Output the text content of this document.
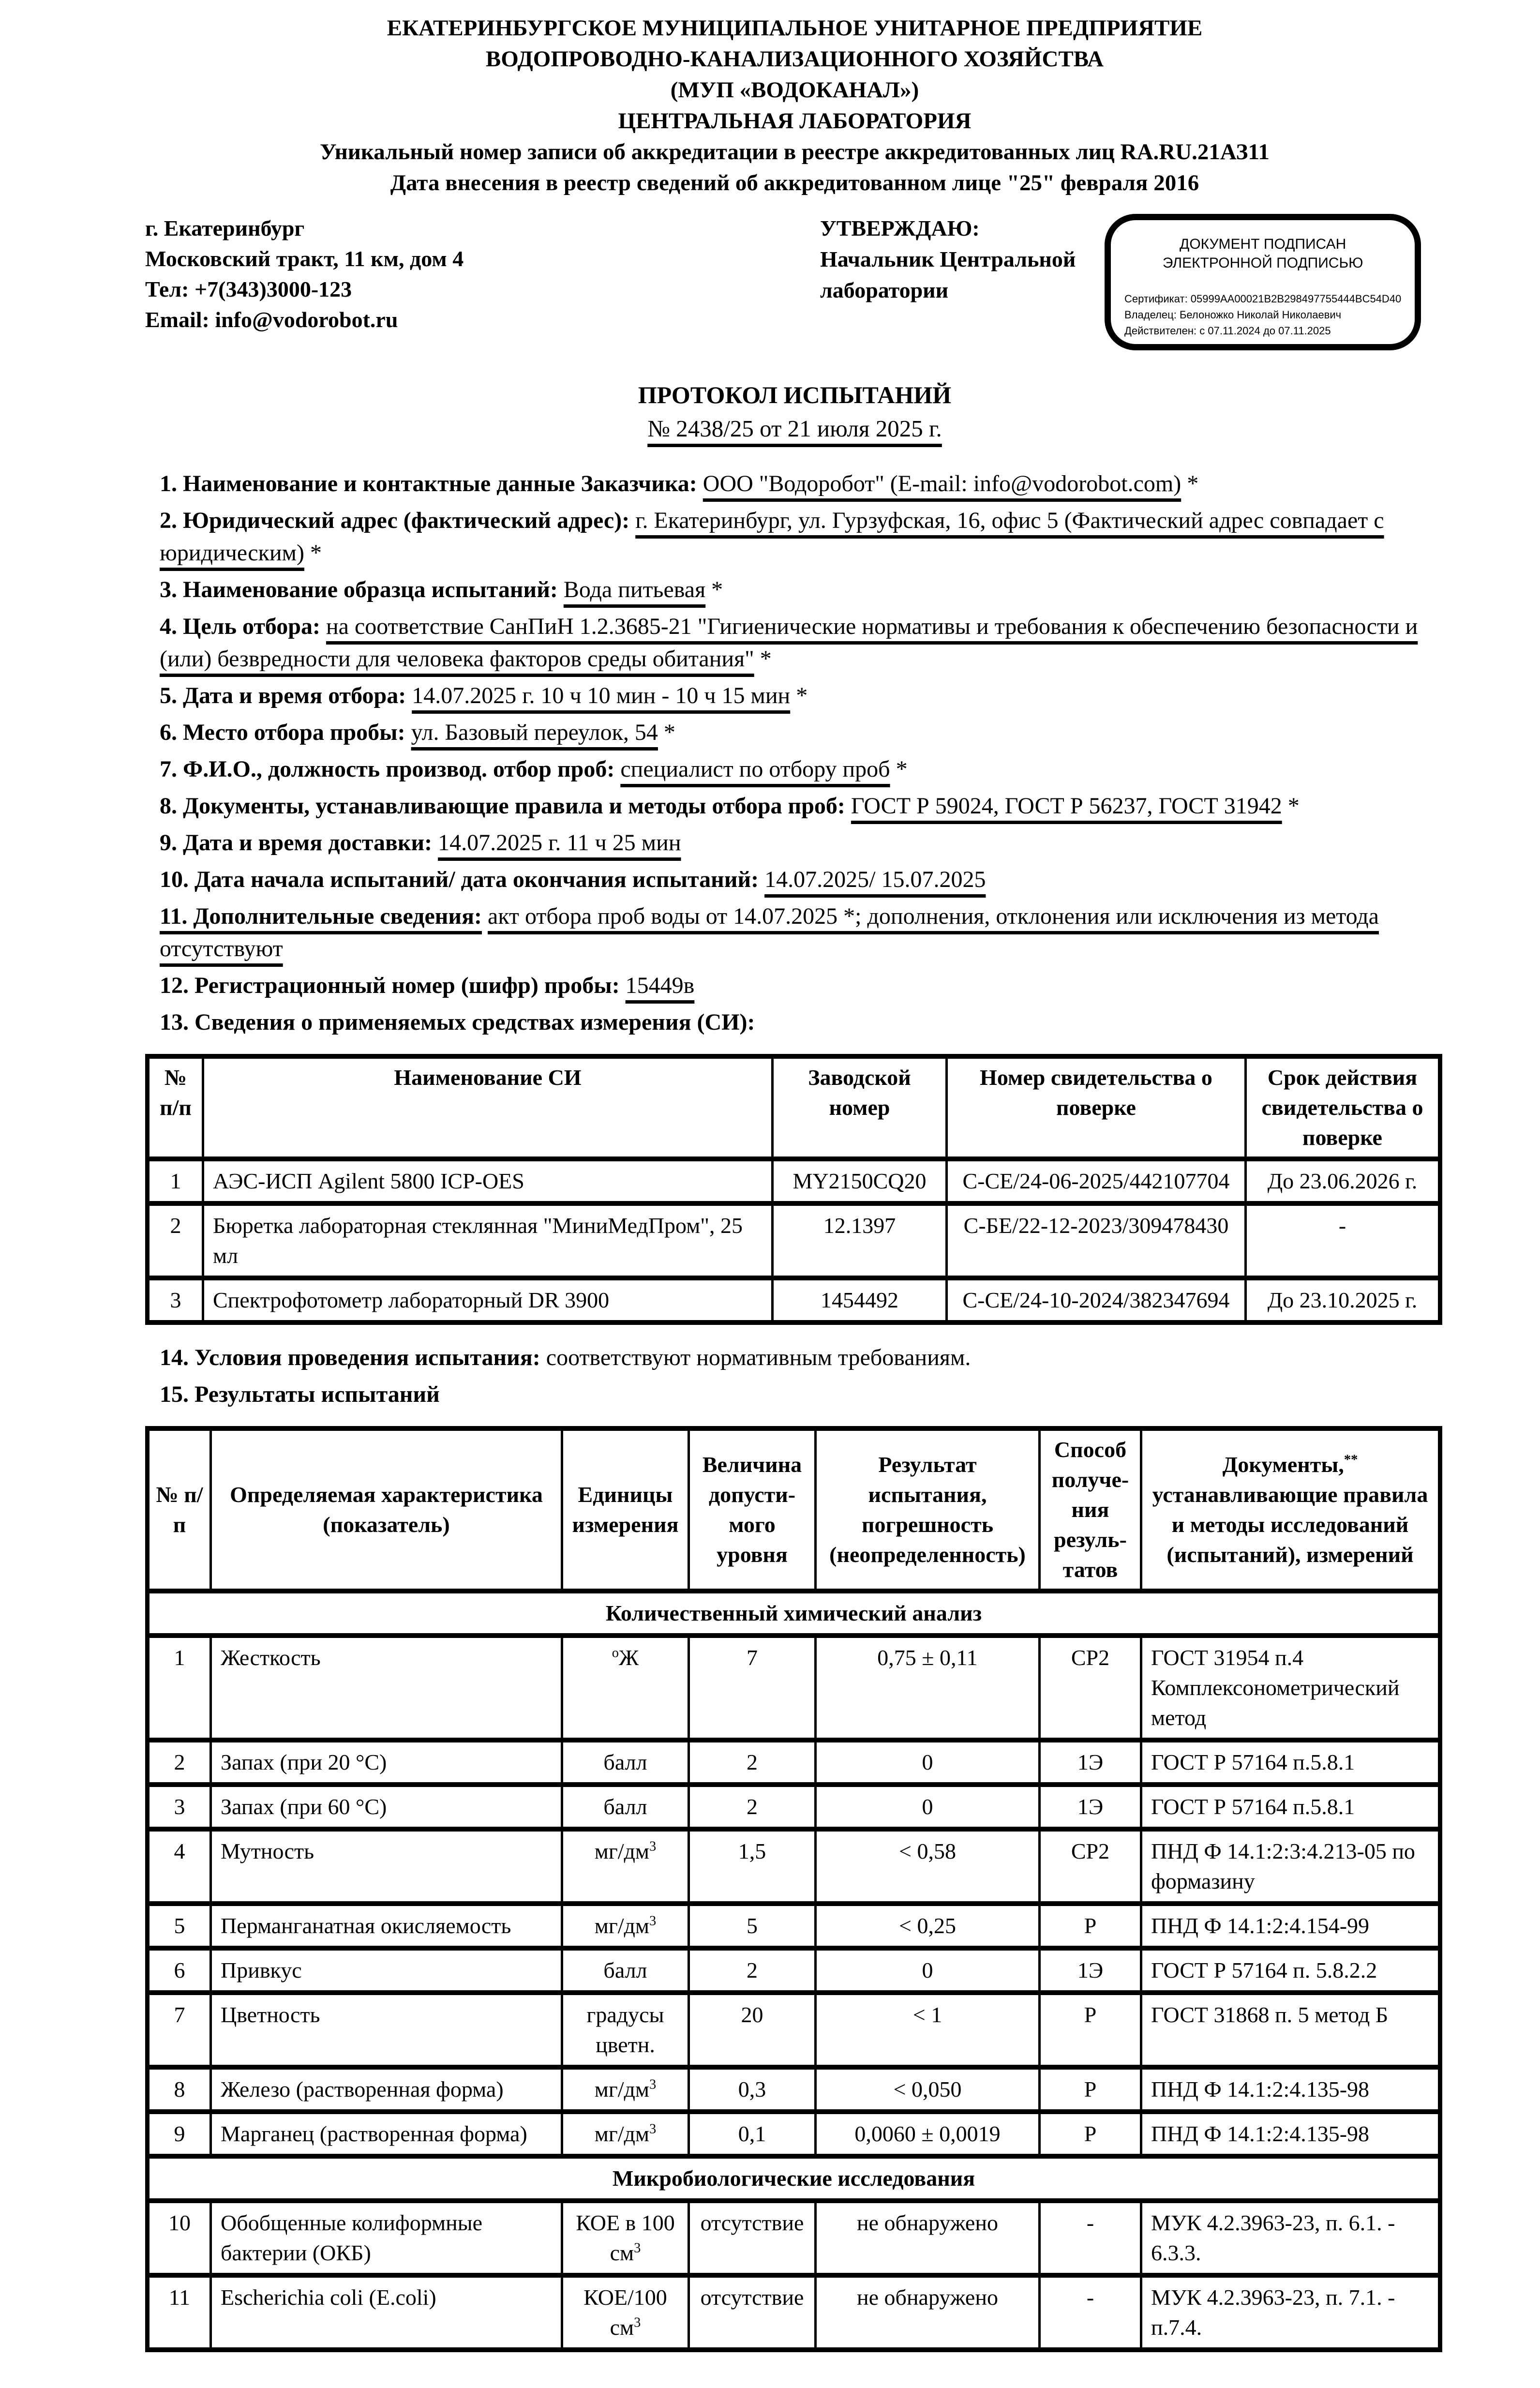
ЕКАТЕРИНБУРГСКОЕ МУНИЦИПАЛЬНОЕ УНИТАРНОЕ ПРЕДПРИЯТИЕ
ВОДОПРОВОДНО-КАНАЛИЗАЦИОННОГО ХОЗЯЙСТВА
(МУП «ВОДОКАНАЛ»)
ЦЕНТРАЛЬНАЯ ЛАБОРАТОРИЯ
Уникальный номер записи об аккредитации в реестре аккредитованных лиц RA.RU.21АЗ11
Дата внесения в реестр сведений об аккредитованном лице "25" февраля 2016
г. Екатеринбург
Московский тракт, 11 км, дом 4
Тел: +7(343)3000-123
Email: info@vodorobot.ru
УТВЕРЖДАЮ:
Начальник Центральной лаборатории
ДОКУМЕНТ ПОДПИСАН
ЭЛЕКТРОННОЙ ПОДПИСЬЮ
Сертификат: 05999AA00021B2B298497755444BC54D40
Владелец: Белоножко Николай Николаевич
Действителен: с 07.11.2024 до 07.11.2025
ПРОТОКОЛ ИСПЫТАНИЙ
№ 2438/25 от 21 июля 2025 г.

1. Наименование и контактные данные Заказчика: ООО "Водоробот" (E-mail: info@vodorobot.com) *

2. Юридический адрес (фактический адрес): г. Екатеринбург, ул. Гурзуфская, 16, офис 5 (Фактический адрес совпадает с юридическим) *

3. Наименование образца испытаний: Вода питьевая *

4. Цель отбора: на соответствие СанПиН 1.2.3685-21 "Гигиенические нормативы и требования к обеспечению безопасности и (или) безвредности для человека факторов среды обитания" *

5. Дата и время отбора: 14.07.2025 г. 10 ч 10 мин - 10 ч 15 мин *

6. Место отбора пробы: ул. Базовый переулок, 54 *

7. Ф.И.О., должность производ. отбор проб: специалист по отбору проб *

8. Документы, устанавливающие правила и методы отбора проб: ГОСТ Р 59024, ГОСТ Р 56237, ГОСТ 31942 *

9. Дата и время доставки: 14.07.2025 г. 11 ч 25 мин

10. Дата начала испытаний/ дата окончания испытаний: 14.07.2025/ 15.07.2025

11. Дополнительные сведения: акт отбора проб воды от 14.07.2025 *; дополнения, отклонения или исключения из метода отсутствуют

12. Регистрационный номер (шифр) пробы: 15449в

13. Сведения о применяемых средствах измерения (СИ):

№ п/п	Наименование СИ	Заводской номер	Номер свидетельства о поверке	Срок действия свидетельства о поверке
1	АЭС-ИСП Agilent 5800 ICP-OES	MY2150CQ20	С-СЕ/24-06-2025/442107704	До 23.06.2026 г.
2	Бюретка лабораторная стеклянная "МиниМедПром", 25 мл	12.1397	С-БЕ/22-12-2023/309478430	-
3	Спектрофотометр лабораторный DR 3900	1454492	С-СЕ/24-10-2024/382347694	До 23.10.2025 г.

14. Условия проведения испытания: соответствуют нормативным требованиям.

15. Результаты испытаний

№ п/п	Определяемая характеристика (показатель)	Единицы измерения	Величина допусти- мого уровня	Результат испытания, погрешность (неопределенность)	Способ получе- ния резуль- татов	Документы,** устанавливающие правила и методы исследований (испытаний), измерений
Количественный химический анализ						
1	Жесткость	$^о$Ж	7	0,75 ± 0,11	СР2	ГОСТ 31954 п.4 Комплексонометрический метод
2	Запах (при 20 °С)	балл	2	0	1Э	ГОСТ Р 57164 п.5.8.1
3	Запах (при 60 °С)	балл	2	0	1Э	ГОСТ Р 57164 п.5.8.1
4	Мутность	$мг/дм^3$	1,5	< 0,58	СР2	ПНД Ф 14.1:2:3:4.213-05 по формазину
5	Перманганатная окисляемость	$мг/дм^3$	5	< 0,25	Р	ПНД Ф 14.1:2:4.154-99
6	Привкус	балл	2	0	1Э	ГОСТ Р 57164 п. 5.8.2.2
7	Цветность	градусы цветн.	20	< 1	Р	ГОСТ 31868 п. 5 метод Б
8	Железо (растворенная форма)	$мг/дм^3$	0,3	< 0,050	Р	ПНД Ф 14.1:2:4.135-98
9	Марганец (растворенная форма)	$мг/дм^3$	0,1	0,0060 ± 0,0019	Р	ПНД Ф 14.1:2:4.135-98
Микробиологические исследования						
10	Обобщенные колиформные бактерии (ОКБ)	КОЕ в 100 $см^3$	отсутствие	не обнаружено	-	МУК 4.2.3963-23, п. 6.1. - 6.3.3.
11	Escherichia coli (E.coli)	КОЕ/100 $см^3$	отсутствие	не обнаружено	-	МУК 4.2.3963-23, п. 7.1. - п.7.4.
